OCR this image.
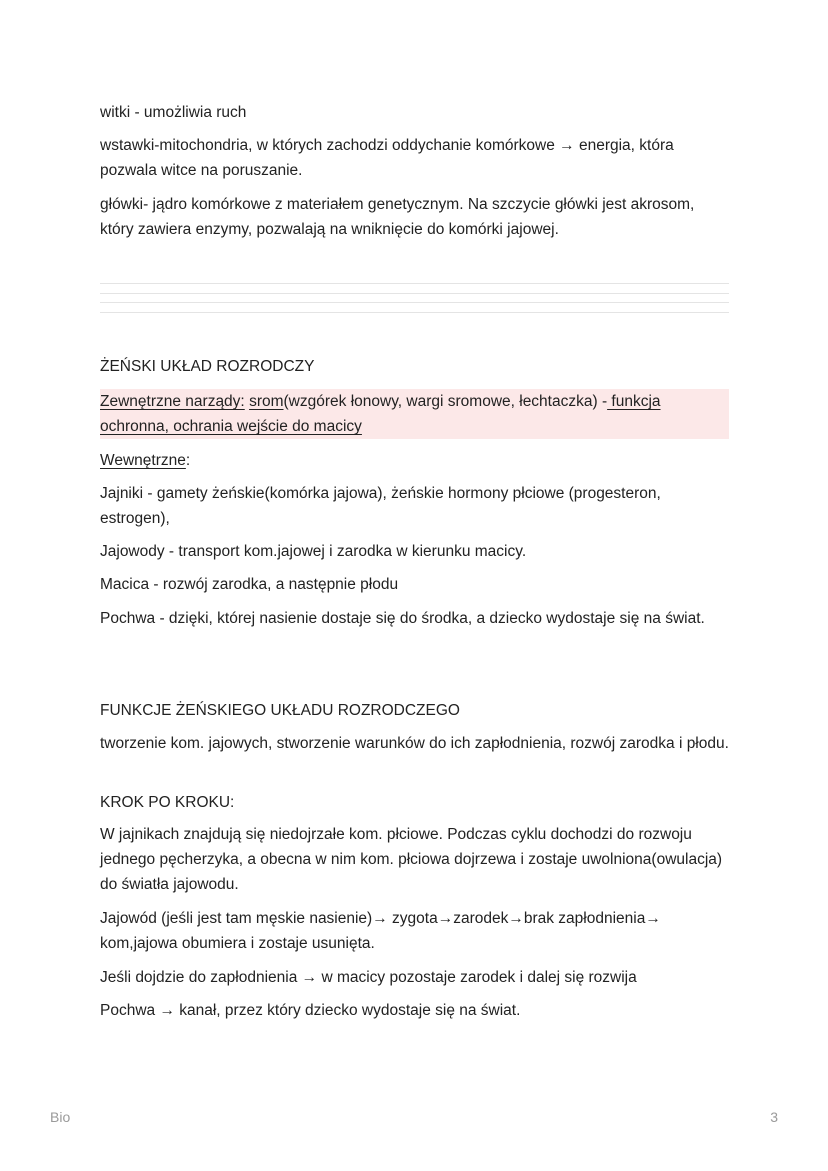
witki - umożliwia ruch

wstawki-mitochondria, w których zachodzi oddychanie komórkowe → energia, która pozwala witce na poruszanie.

główki- jądro komórkowe z materiałem genetycznym. Na szczycie główki jest akrosom, który zawiera enzymy, pozwalają na wniknięcie do komórki jajowej.

ŻEŃSKI UKŁAD ROZRODCZY

Zewnętrzne narządy: srom(wzgórek łonowy, wargi sromowe, łechtaczka) - funkcja ochronna, ochrania wejście do macicy

Wewnętrzne:

Jajniki - gamety żeńskie(komórka jajowa), żeńskie hormony płciowe (progesteron, estrogen),

Jajowody - transport kom.jajowej i zarodka w kierunku macicy.

Macica - rozwój zarodka, a następnie płodu

Pochwa - dzięki, której nasienie dostaje się do środka, a dziecko wydostaje się na świat.

FUNKCJE ŻEŃSKIEGO UKŁADU ROZRODCZEGO

tworzenie kom. jajowych, stworzenie warunków do ich zapłodnienia, rozwój zarodka i płodu.

KROK PO KROKU:

W jajnikach znajdują się niedojrzałe kom. płciowe. Podczas cyklu dochodzi do rozwoju jednego pęcherzyka, a obecna w nim kom. płciowa dojrzewa i zostaje uwolniona(owulacja) do światła jajowodu.

Jajowód (jeśli jest tam męskie nasienie)→ zygota→zarodek→brak zapłodnienia→ kom,jajowa obumiera i zostaje usunięta.

Jeśli dojdzie do zapłodnienia → w macicy pozostaje zarodek i dalej się rozwija

Pochwa → kanał, przez który dziecko wydostaje się na świat.

Bio	3
